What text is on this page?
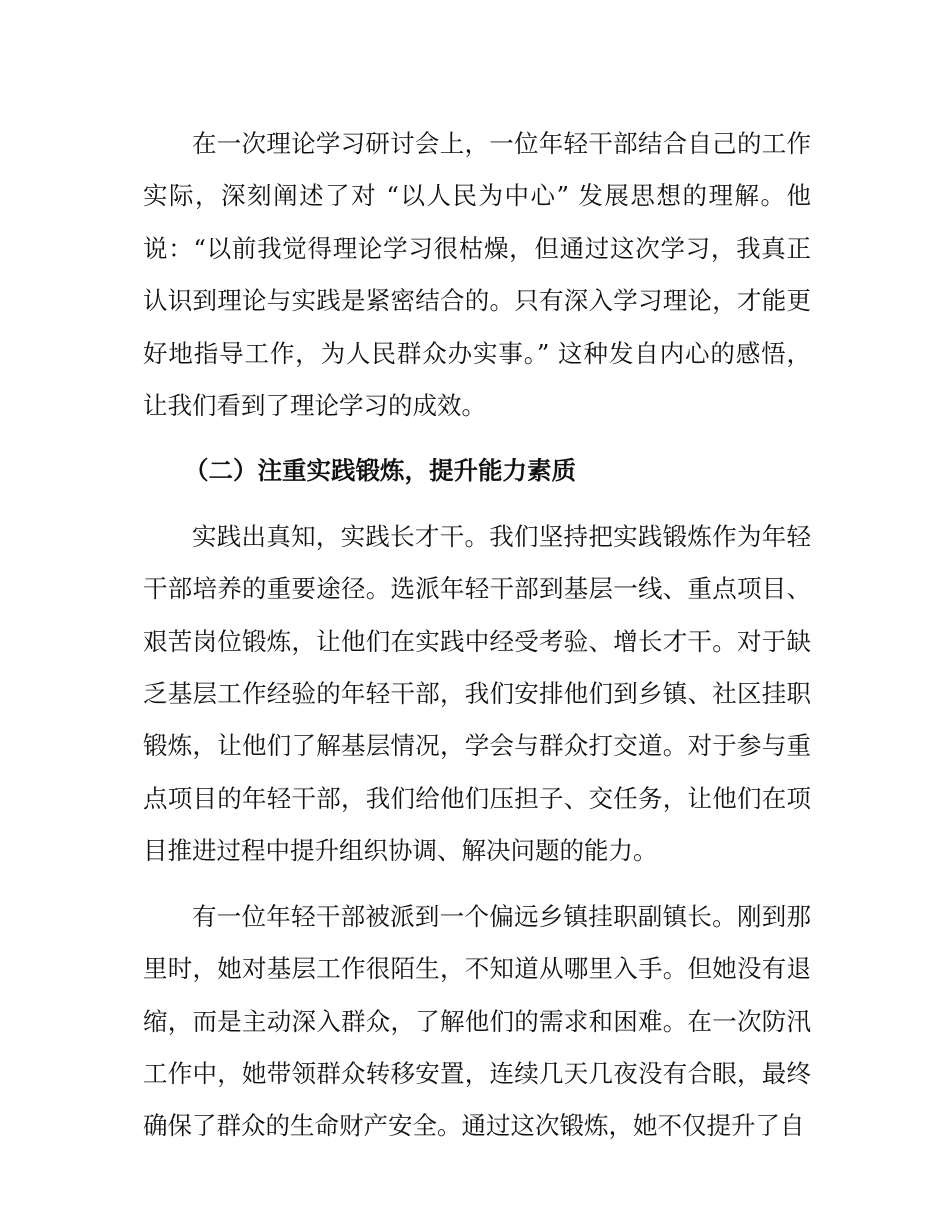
在一次理论学习研讨会上，一位年轻干部结合自己的工作实际，深刻阐述了对 “以人民为中心” 发展思想的理解。他说：“以前我觉得理论学习很枯燥，但通过这次学习，我真正认识到理论与实践是紧密结合的。只有深入学习理论，才能更好地指导工作，为人民群众办实事。” 这种发自内心的感悟，让我们看到了理论学习的成效。

（二）注重实践锻炼，提升能力素质

实践出真知，实践长才干。我们坚持把实践锻炼作为年轻干部培养的重要途径。选派年轻干部到基层一线、重点项目、艰苦岗位锻炼，让他们在实践中经受考验、增长才干。对于缺乏基层工作经验的年轻干部，我们安排他们到乡镇、社区挂职锻炼，让他们了解基层情况，学会与群众打交道。对于参与重点项目的年轻干部，我们给他们压担子、交任务，让他们在项目推进过程中提升组织协调、解决问题的能力。

有一位年轻干部被派到一个偏远乡镇挂职副镇长。刚到那里时，她对基层工作很陌生，不知道从哪里入手。但她没有退缩，而是主动深入群众，了解他们的需求和困难。在一次防汛工作中，她带领群众转移安置，连续几天几夜没有合眼，最终确保了群众的生命财产安全。通过这次锻炼，她不仅提升了自
